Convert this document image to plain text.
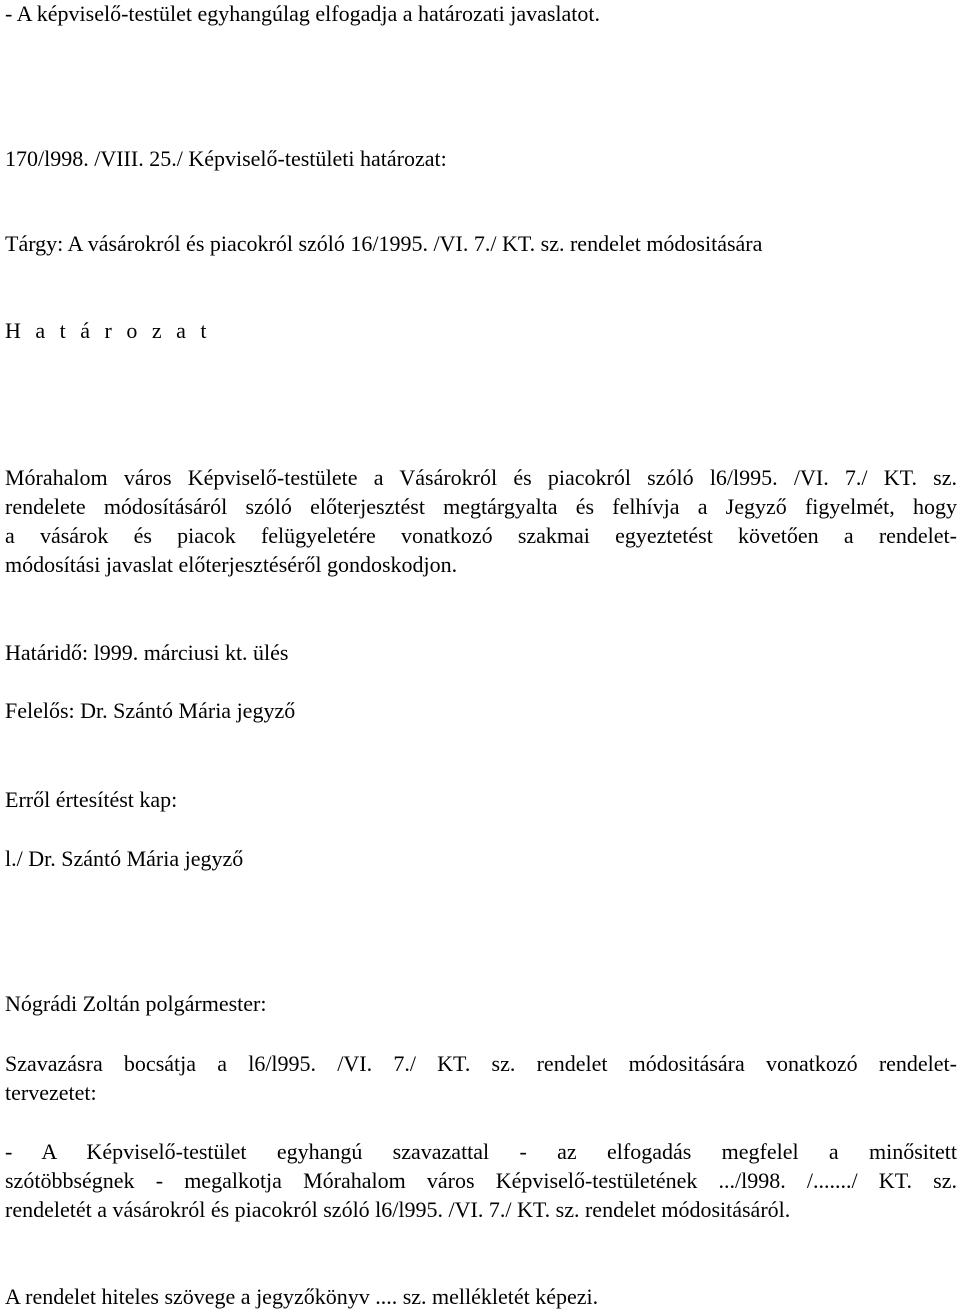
- A képviselő-testület egyhangúlag elfogadja a határozati javaslatot.
170/l998. /VIII. 25./ Képviselő-testületi határozat:
Tárgy: A vásárokról és piacokról szóló 16/1995. /VI. 7./ KT. sz. rendelet módositására
H a t á r o z a t
Mórahalom város Képviselő-testülete a Vásárokról és piacokról szóló l6/l995. /VI. 7./ KT. sz.
rendelete módosításáról szóló előterjesztést megtárgyalta és felhívja a Jegyző figyelmét, hogy
a vásárok és piacok felügyeletére vonatkozó szakmai egyeztetést követően a rendelet-
módosítási javaslat előterjesztéséről gondoskodjon.
Határidő: l999. márciusi kt. ülés
Felelős: Dr. Szántó Mária jegyző
Erről értesítést kap:
l./ Dr. Szántó Mária jegyző
Nógrádi Zoltán polgármester:
Szavazásra bocsátja a l6/l995. /VI. 7./ KT. sz. rendelet módositására vonatkozó rendelet-
tervezetet:
- A Képviselő-testület egyhangú szavazattal - az elfogadás megfelel a minősitett
szótöbbségnek - megalkotja Mórahalom város Képviselő-testületének .../l998. /......./ KT. sz.
rendeletét a vásárokról és piacokról szóló l6/l995. /VI. 7./ KT. sz. rendelet módositásáról.
A rendelet hiteles szövege a jegyzőkönyv .... sz. mellékletét képezi.
